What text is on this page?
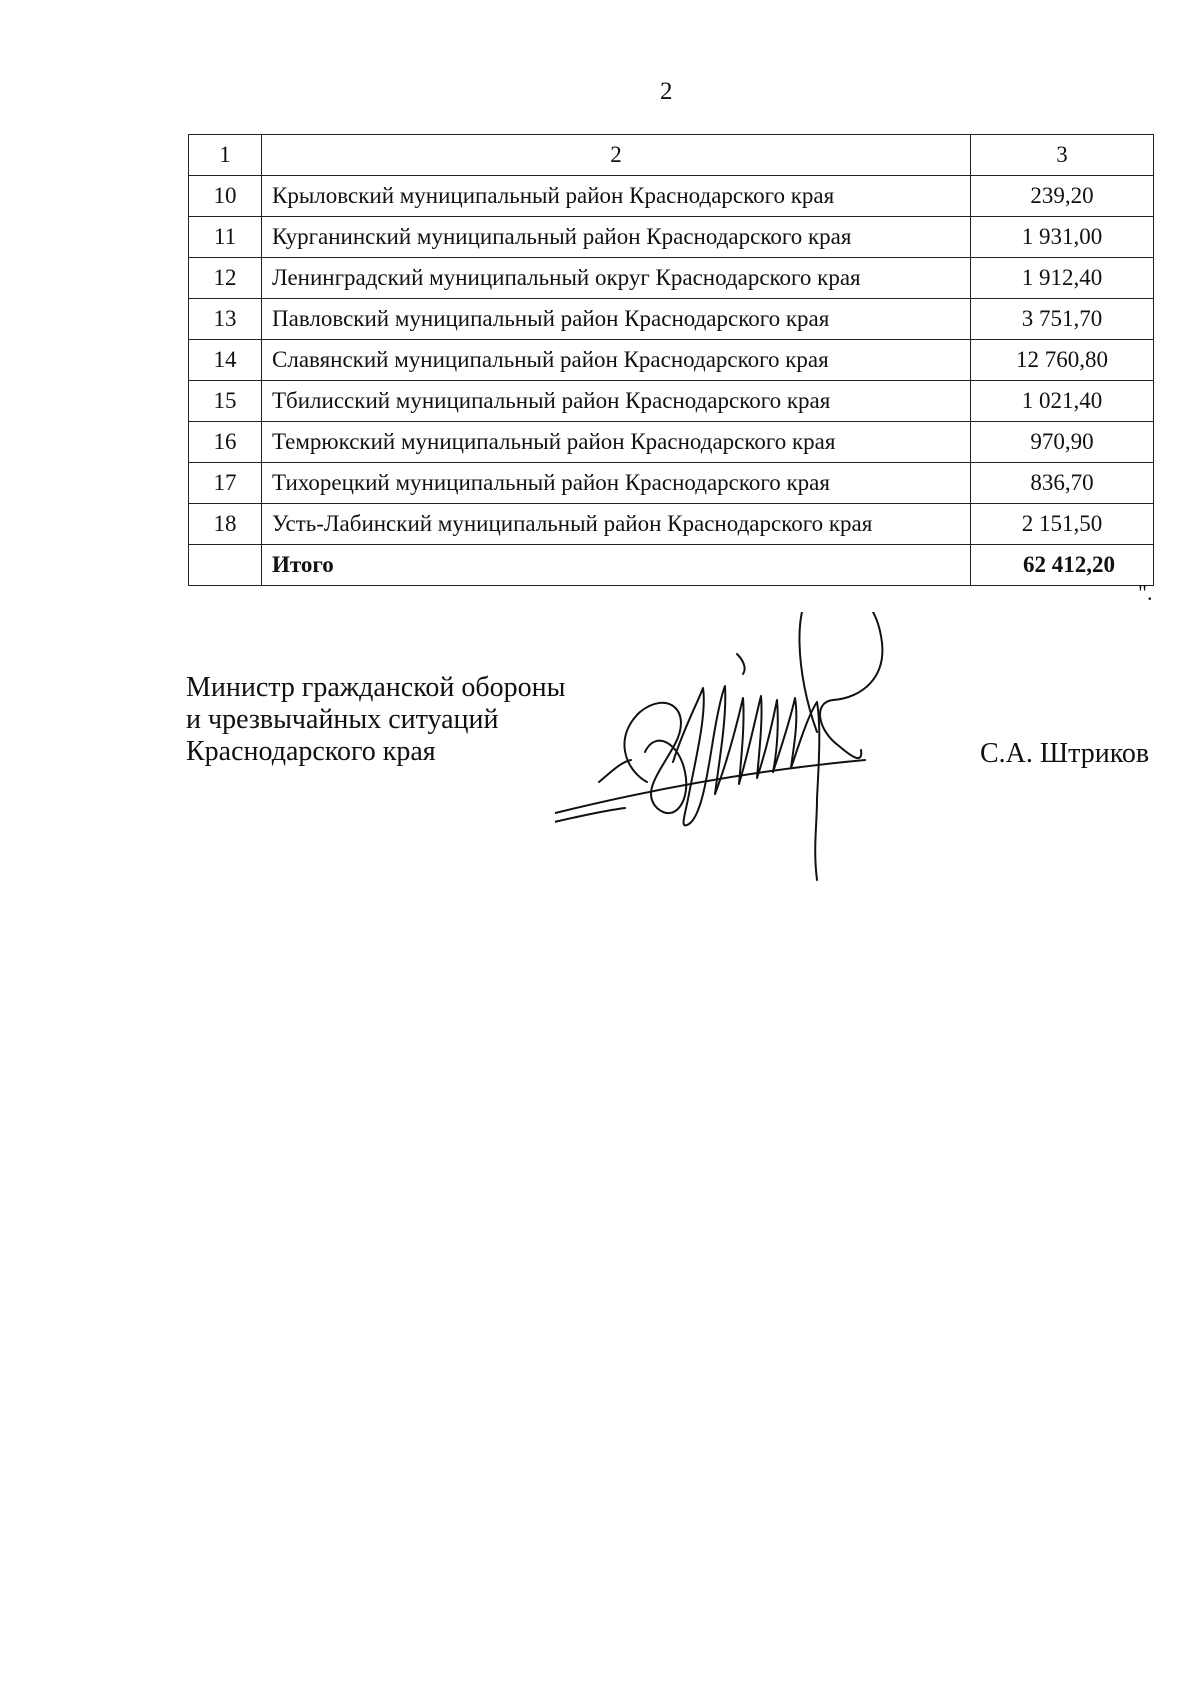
2
1	2	3
10	Крыловский муниципальный район Краснодарского края	239,20
11	Курганинский муниципальный район Краснодарского края	1 931,00
12	Ленинградский муниципальный округ Краснодарского края	1 912,40
13	Павловский муниципальный район Краснодарского края	3 751,70
14	Славянский муниципальный район Краснодарского края	12 760,80
15	Тбилисский муниципальный район Краснодарского края	1 021,40
16	Темрюкский муниципальный район Краснодарского края	970,90
17	Тихорецкий муниципальный район Краснодарского края	836,70
18	Усть-Лабинский муниципальный район Краснодарского края	2 151,50
	Итого	62 412,20
".
Министр гражданской обороны
и чрезвычайных ситуаций
Краснодарского края	С.А. Штриков
